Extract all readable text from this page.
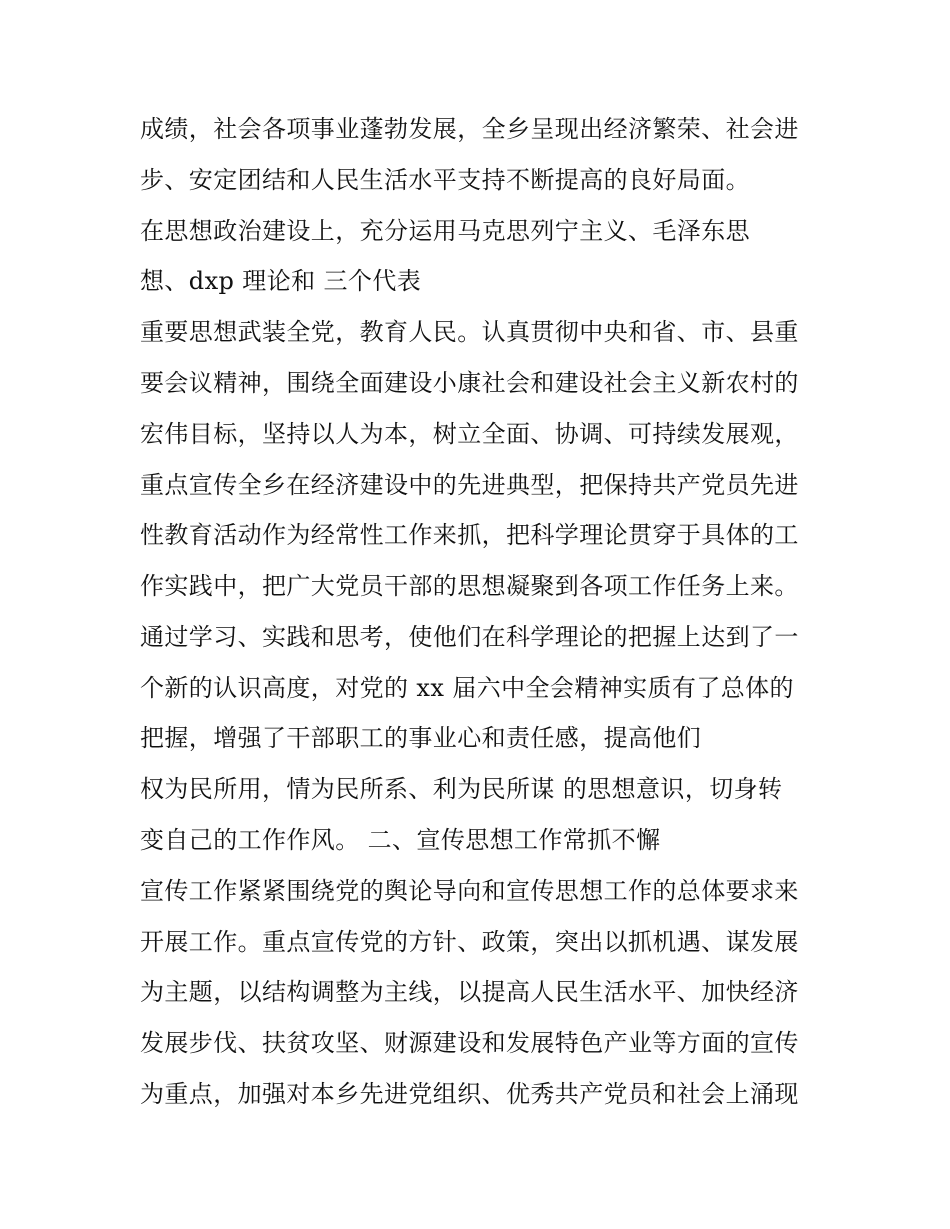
成绩，社会各项事业蓬勃发展，全乡呈现出经济繁荣、社会进
步、安定团结和人民生活水平支持不断提高的良好局面。
在思想政治建设上，充分运用马克思列宁主义、毛泽东思
想、dxp 理论和 三个代表
重要思想武装全党，教育人民。认真贯彻中央和省、市、县重
要会议精神，围绕全面建设小康社会和建设社会主义新农村的
宏伟目标，坚持以人为本，树立全面、协调、可持续发展观，
重点宣传全乡在经济建设中的先进典型，把保持共产党员先进
性教育活动作为经常性工作来抓，把科学理论贯穿于具体的工
作实践中，把广大党员干部的思想凝聚到各项工作任务上来。
通过学习、实践和思考，使他们在科学理论的把握上达到了一
个新的认识高度，对党的 xx 届六中全会精神实质有了总体的
把握，增强了干部职工的事业心和责任感，提高他们
权为民所用，情为民所系、利为民所谋 的思想意识，切身转
变自己的工作作风。 二、宣传思想工作常抓不懈
宣传工作紧紧围绕党的舆论导向和宣传思想工作的总体要求来
开展工作。重点宣传党的方针、政策，突出以抓机遇、谋发展
为主题，以结构调整为主线，以提高人民生活水平、加快经济
发展步伐、扶贫攻坚、财源建设和发展特色产业等方面的宣传
为重点，加强对本乡先进党组织、优秀共产党员和社会上涌现
